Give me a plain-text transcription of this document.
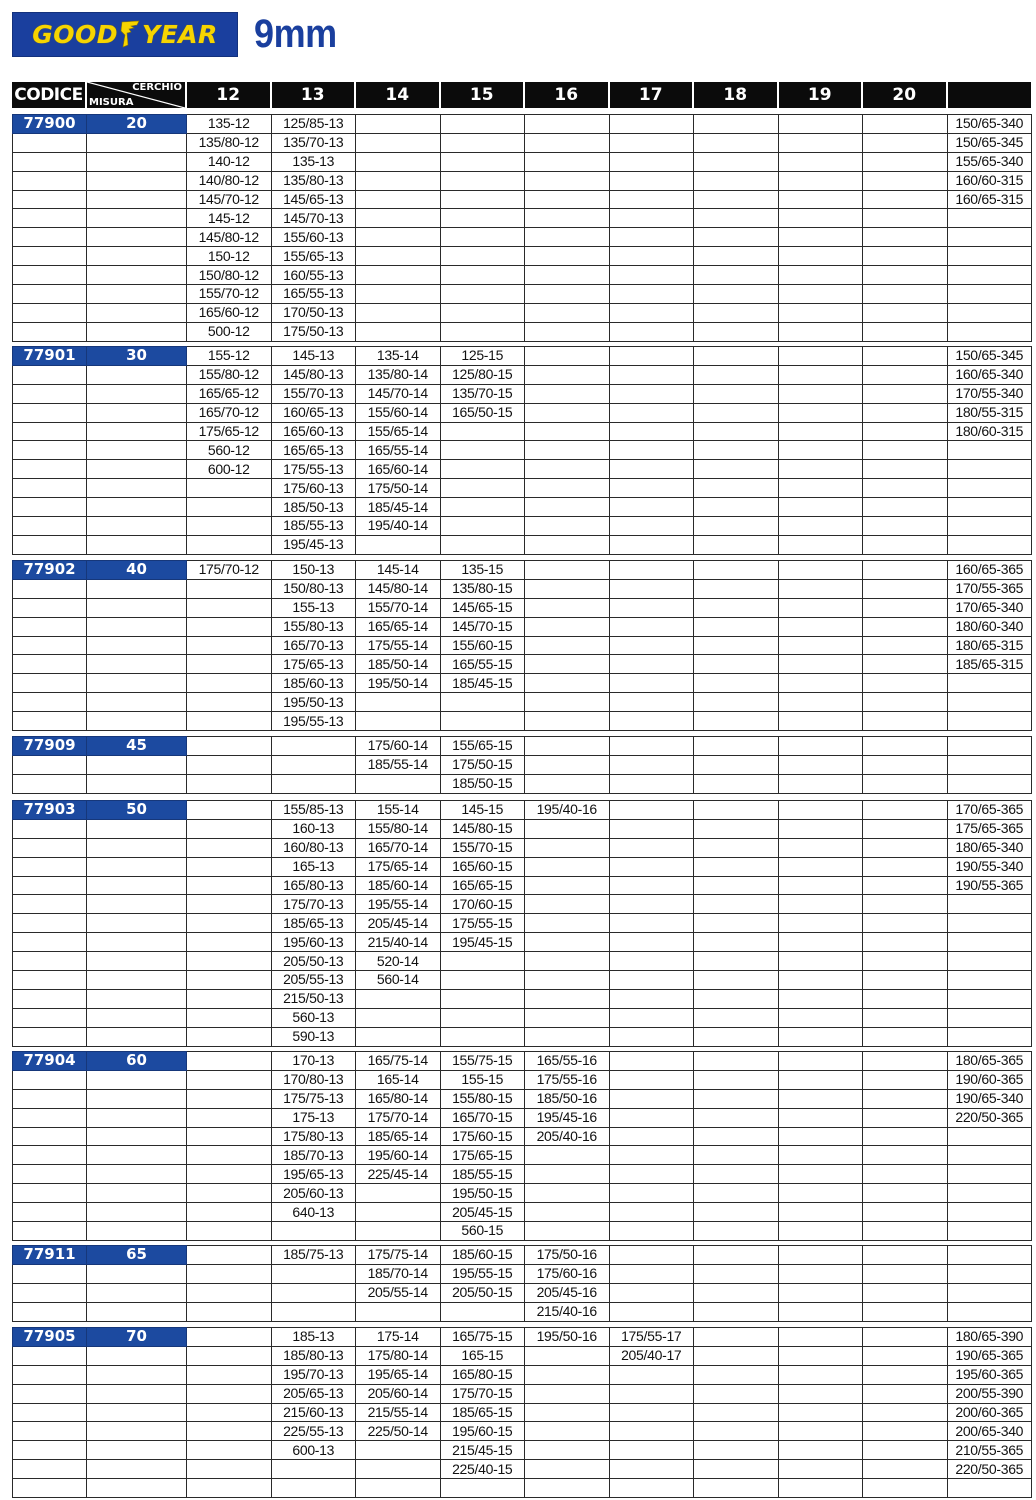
GOOD YEAR 9mm
CODICE	CERCHIO
MISURA	12	13	14	15	16	17	18	19	20	
77900	20	135-12	125/85-13								150/65-340
		135/80-12	135/70-13								150/65-345
		140-12	135-13								155/65-340
		140/80-12	135/80-13								160/60-315
		145/70-12	145/65-13								160/65-315
		145-12	145/70-13								
		145/80-12	155/60-13								
		150-12	155/65-13								
		150/80-12	160/55-13								
		155/70-12	165/55-13								
		165/60-12	170/50-13								
		500-12	175/50-13								
77901	30	155-12	145-13	135-14	125-15						150/65-345
		155/80-12	145/80-13	135/80-14	125/80-15						160/65-340
		165/65-12	155/70-13	145/70-14	135/70-15						170/55-340
		165/70-12	160/65-13	155/60-14	165/50-15						180/55-315
		175/65-12	165/60-13	155/65-14							180/60-315
		560-12	165/65-13	165/55-14							
		600-12	175/55-13	165/60-14							
			175/60-13	175/50-14							
			185/50-13	185/45-14							
			185/55-13	195/40-14							
			195/45-13								
77902	40	175/70-12	150-13	145-14	135-15						160/65-365
			150/80-13	145/80-14	135/80-15						170/55-365
			155-13	155/70-14	145/65-15						170/65-340
			155/80-13	165/65-14	145/70-15						180/60-340
			165/70-13	175/55-14	155/60-15						180/65-315
			175/65-13	185/50-14	165/55-15						185/65-315
			185/60-13	195/50-14	185/45-15						
			195/50-13								
			195/55-13								
77909	45			175/60-14	155/65-15						
				185/55-14	175/50-15						
					185/50-15						
77903	50		155/85-13	155-14	145-15	195/40-16					170/65-365
			160-13	155/80-14	145/80-15						175/65-365
			160/80-13	165/70-14	155/70-15						180/65-340
			165-13	175/65-14	165/60-15						190/55-340
			165/80-13	185/60-14	165/65-15						190/55-365
			175/70-13	195/55-14	170/60-15						
			185/65-13	205/45-14	175/55-15						
			195/60-13	215/40-14	195/45-15						
			205/50-13	520-14							
			205/55-13	560-14							
			215/50-13								
			560-13								
			590-13								
77904	60		170-13	165/75-14	155/75-15	165/55-16					180/65-365
			170/80-13	165-14	155-15	175/55-16					190/60-365
			175/75-13	165/80-14	155/80-15	185/50-16					190/65-340
			175-13	175/70-14	165/70-15	195/45-16					220/50-365
			175/80-13	185/65-14	175/60-15	205/40-16					
			185/70-13	195/60-14	175/65-15						
			195/65-13	225/45-14	185/55-15						
			205/60-13		195/50-15						
			640-13		205/45-15						
					560-15						
77911	65		185/75-13	175/75-14	185/60-15	175/50-16					
				185/70-14	195/55-15	175/60-16					
				205/55-14	205/50-15	205/45-16					
						215/40-16					
77905	70		185-13	175-14	165/75-15	195/50-16	175/55-17				180/65-390
			185/80-13	175/80-14	165-15		205/40-17				190/65-365
			195/70-13	195/65-14	165/80-15						195/60-365
			205/65-13	205/60-14	175/70-15						200/55-390
			215/60-13	215/55-14	185/65-15						200/60-365
			225/55-13	225/50-14	195/60-15						200/65-340
			600-13		215/45-15						210/55-365
					225/40-15						220/50-365
